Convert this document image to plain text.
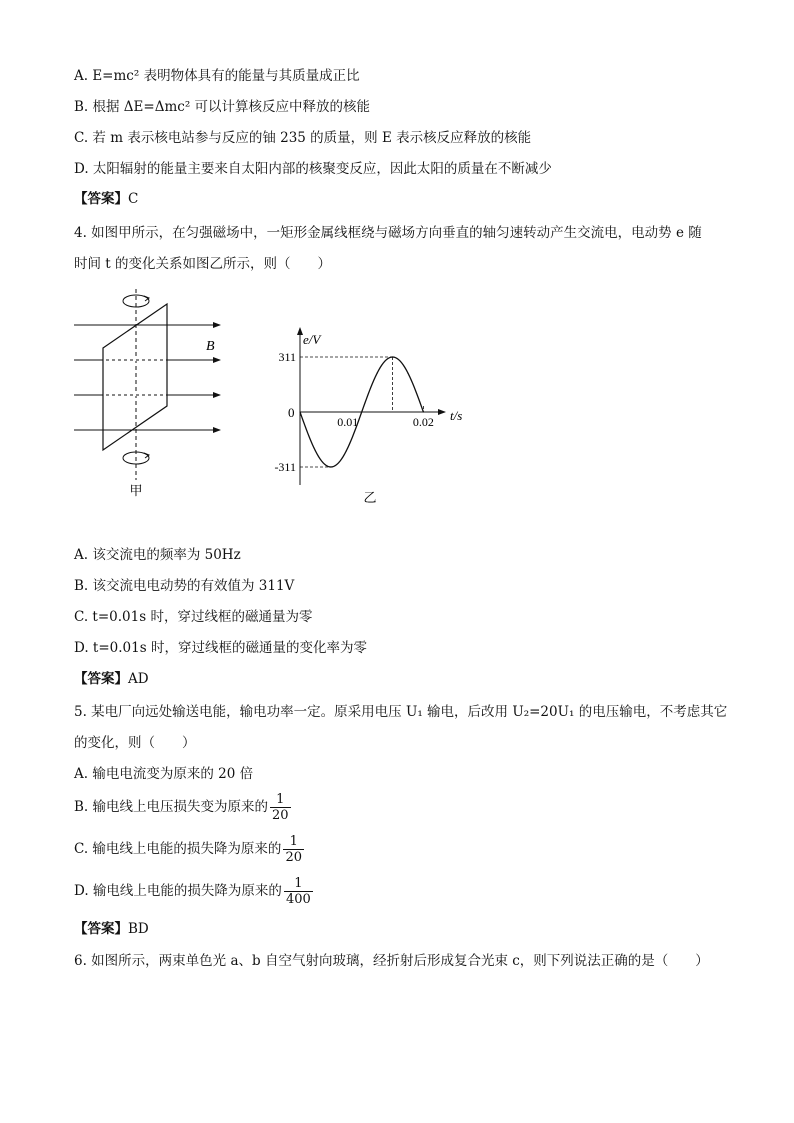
A. E=mc² 表明物体具有的能量与其质量成正比
B. 根据 ΔE=Δmc² 可以计算核反应中释放的核能
C. 若 m 表示核电站参与反应的铀 235 的质量，则 E 表示核反应释放的核能
D. 太阳辐射的能量主要来自太阳内部的核聚变反应，因此太阳的质量在不断减少
【答案】C
4. 如图甲所示，在匀强磁场中，一矩形金属线框绕与磁场方向垂直的轴匀速转动产生交流电，电动势 e 随
时间 t 的变化关系如图乙所示，则（　　）
B
甲
311
-311
0.01	0.02
e/V
t/s
0
乙
A. 该交流电的频率为 50Hz
B. 该交流电电动势的有效值为 311V
C. t=0.01s 时，穿过线框的磁通量为零
D. t=0.01s 时，穿过线框的磁通量的变化率为零
【答案】AD
5. 某电厂向远处输送电能，输电功率一定。原采用电压 U₁ 输电，后改用 U₂=20U₁ 的电压输电，不考虑其它
的变化，则（　　）
A. 输电电流变为原来的 20 倍
B. 输电线上电压损失变为原来的 $\frac{1}{20}$
C. 输电线上电能的损失降为原来的 $\frac{1}{20}$
D. 输电线上电能的损失降为原来的 $\frac{1}{400}$
【答案】BD
6. 如图所示，两束单色光 a、b 自空气射向玻璃，经折射后形成复合光束 c，则下列说法正确的是（　　）
